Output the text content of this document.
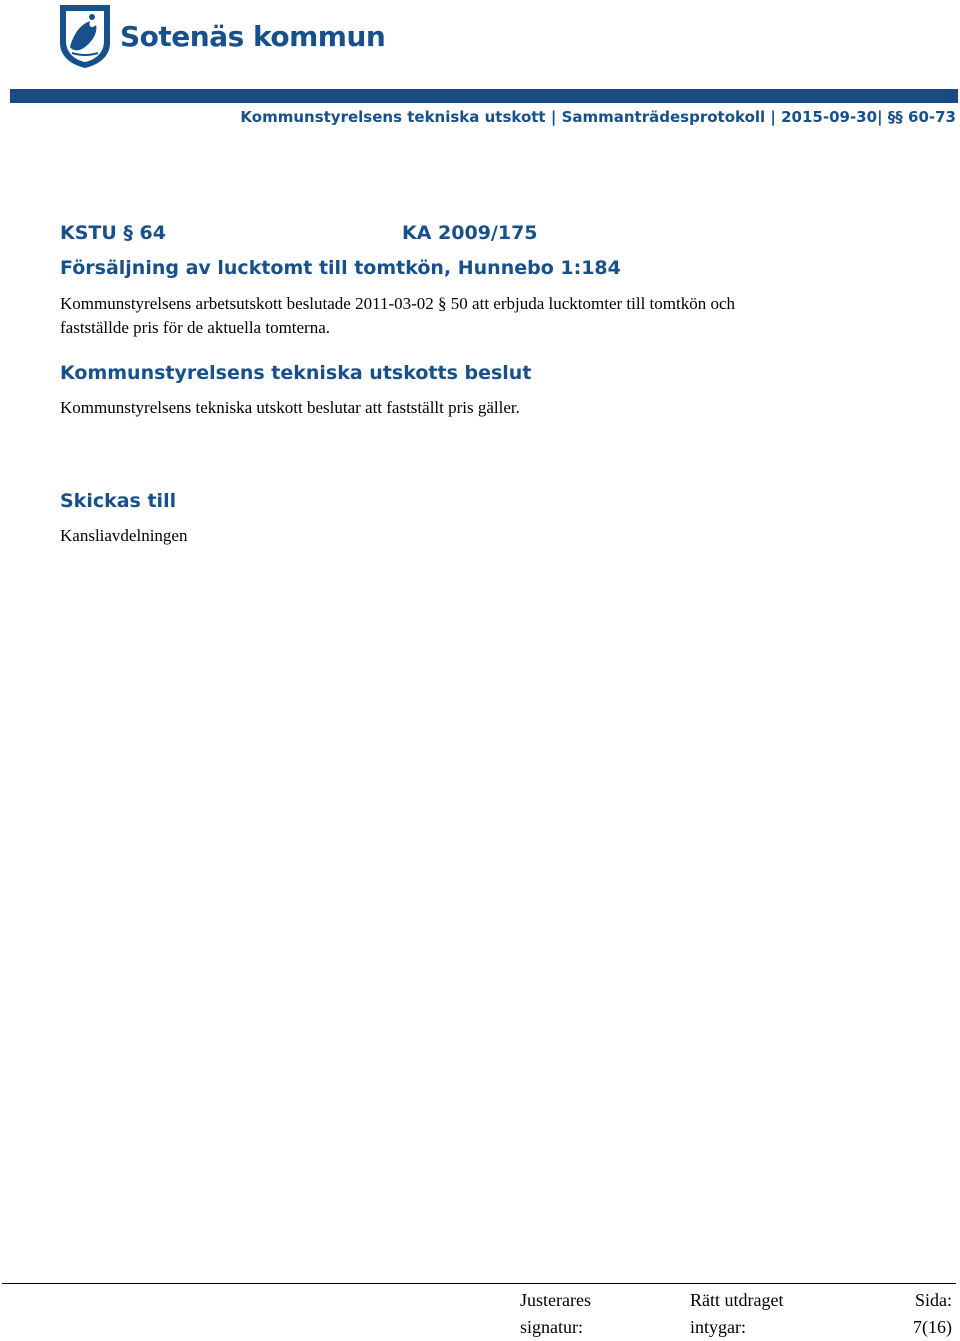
Sotenäs kommun
Kommunstyrelsens tekniska utskott | Sammanträdesprotokoll | 2015-09-30| §§ 60-73
KSTU § 64	KA 2009/175
Försäljning av lucktomt till tomtkön, Hunnebo 1:184
Kommunstyrelsens arbetsutskott beslutade 2011-03-02 § 50 att erbjuda lucktomter till tomtkön och
fastställde pris för de aktuella tomterna.
Kommunstyrelsens tekniska utskotts beslut
Kommunstyrelsens tekniska utskott beslutar att fastställt pris gäller.
Skickas till
Kansliavdelningen
Justerares
signatur:
Rätt utdraget
intygar:
Sida:
7(16)
